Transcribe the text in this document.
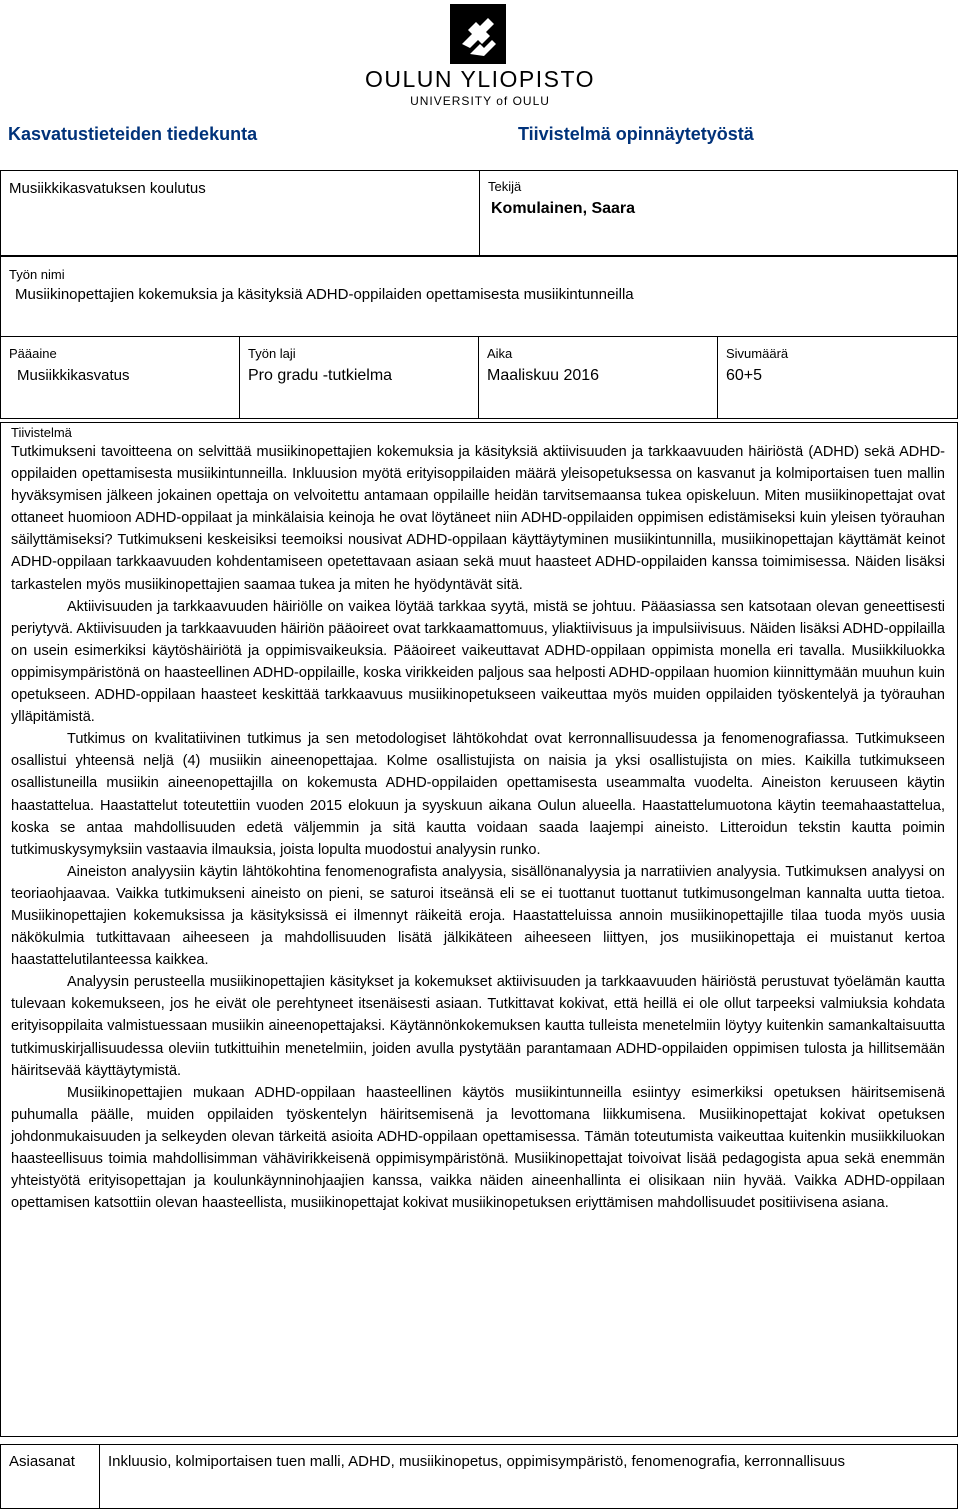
OULUN YLIOPISTO
UNIVERSITY of OULU
Kasvatustieteiden tiedekunta	Tiivistelmä opinnäytetyöstä
Musiikkikasvatuksen koulutus	Tekijä
Komulainen, Saara
Työn nimi
Musiikinopettajien kokemuksia ja käsityksiä ADHD-oppilaiden opettamisesta musiikintunneilla
Pääaine
Musiikkikasvatus

Työn laji
Pro gradu -tutkielma

Aika
Maaliskuu 2016

Sivumäärä
60+5
Tiivistelmä

Tutkimukseni tavoitteena on selvittää musiikinopettajien kokemuksia ja käsityksiä aktiivisuuden ja tarkkaavuuden häiriöstä (ADHD) sekä ADHD-oppilaiden opettamisesta musiikintunneilla. Inkluusion myötä erityisoppilaiden määrä yleisopetuksessa on kasvanut ja kolmiportaisen tuen mallin hyväksymisen jälkeen jokainen opettaja on velvoitettu antamaan oppilaille heidän tarvitsemaansa tukea opiskeluun. Miten musiikinopettajat ovat ottaneet huomioon ADHD-oppilaat ja minkälaisia keinoja he ovat löytäneet niin ADHD-oppilaiden oppimisen edistämiseksi kuin yleisen työrauhan säilyttämiseksi? Tutkimukseni keskeisiksi teemoiksi nousivat ADHD-oppilaan käyttäytyminen musiikintunnilla, musiikinopettajan käyttämät keinot ADHD-oppilaan tarkkaavuuden kohdentamiseen opetettavaan asiaan sekä muut haasteet ADHD-oppilaiden kanssa toimimisessa. Näiden lisäksi tarkastelen myös musiikinopettajien saamaa tukea ja miten he hyödyntävät sitä.

Aktiivisuuden ja tarkkaavuuden häiriölle on vaikea löytää tarkkaa syytä, mistä se johtuu. Pääasiassa sen katsotaan olevan geneettisesti periytyvä. Aktiivisuuden ja tarkkaavuuden häiriön pääoireet ovat tarkkaamattomuus, yliaktiivisuus ja impulsiivisuus. Näiden lisäksi ADHD-oppilailla on usein esimerkiksi käytöshäiriötä ja oppimisvaikeuksia. Pääoireet vaikeuttavat ADHD-oppilaan oppimista monella eri tavalla. Musiikkiluokka oppimisympäristönä on haasteellinen ADHD-oppilaille, koska virikkeiden paljous saa helposti ADHD-oppilaan huomion kiinnittymään muuhun kuin opetukseen. ADHD-oppilaan haasteet keskittää tarkkaavuus musiikinopetukseen vaikeuttaa myös muiden oppilaiden työskentelyä ja työrauhan ylläpitämistä.

Tutkimus on kvalitatiivinen tutkimus ja sen metodologiset lähtökohdat ovat kerronnallisuudessa ja fenomenografiassa. Tutkimukseen osallistui yhteensä neljä (4) musiikin aineenopettajaa. Kolme osallistujista on naisia ja yksi osallistujista on mies. Kaikilla tutkimukseen osallistuneilla musiikin aineenopettajilla on kokemusta ADHD-oppilaiden opettamisesta useammalta vuodelta. Aineiston keruuseen käytin haastattelua. Haastattelut toteutettiin vuoden 2015 elokuun ja syyskuun aikana Oulun alueella. Haastattelumuotona käytin teemahaastattelua, koska se antaa mahdollisuuden edetä väljemmin ja sitä kautta voidaan saada laajempi aineisto. Litteroidun tekstin kautta poimin tutkimuskysymyksiin vastaavia ilmauksia, joista lopulta muodostui analyysin runko.

Aineiston analyysiin käytin lähtökohtina fenomenografista analyysia, sisällönanalyysia ja narratiivien analyysia. Tutkimuksen analyysi on teoriaohjaavaa. Vaikka tutkimukseni aineisto on pieni, se saturoi itseänsä eli se ei tuottanut tuottanut tutkimusongelman kannalta uutta tietoa. Musiikinopettajien kokemuksissa ja käsityksissä ei ilmennyt räikeitä eroja. Haastatteluissa annoin musiikinopettajille tilaa tuoda myös uusia näkökulmia tutkittavaan aiheeseen ja mahdollisuuden lisätä jälkikäteen aiheeseen liittyen, jos musiikinopettaja ei muistanut kertoa haastattelutilanteessa kaikkea.

Analyysin perusteella musiikinopettajien käsitykset ja kokemukset aktiivisuuden ja tarkkaavuuden häiriöstä perustuvat työelämän kautta tulevaan kokemukseen, jos he eivät ole perehtyneet itsenäisesti asiaan. Tutkittavat kokivat, että heillä ei ole ollut tarpeeksi valmiuksia kohdata erityisoppilaita valmistuessaan musiikin aineenopettajaksi. Käytännönkokemuksen kautta tulleista menetelmiin löytyy kuitenkin samankaltaisuutta tutkimuskirjallisuudessa oleviin tutkittuihin menetelmiin, joiden avulla pystytään parantamaan ADHD-oppilaiden oppimisen tulosta ja hillitsemään häiritsevää käyttäytymistä.

Musiikinopettajien mukaan ADHD-oppilaan haasteellinen käytös musiikintunneilla esiintyy esimerkiksi opetuksen häiritsemisenä puhumalla päälle, muiden oppilaiden työskentelyn häiritsemisenä ja levottomana liikkumisena. Musiikinopettajat kokivat opetuksen johdonmukaisuuden ja selkeyden olevan tärkeitä asioita ADHD-oppilaan opettamisessa. Tämän toteutumista vaikeuttaa kuitenkin musiikkiluokan haasteellisuus toimia mahdollisimman vähävirikkeisenä oppimisympäristönä. Musiikinopettajat toivoivat lisää pedagogista apua sekä enemmän yhteistyötä erityisopettajan ja koulunkäynninohjaajien kanssa, vaikka näiden aineenhallinta ei olisikaan niin hyvää. Vaikka ADHD-oppilaan opettamisen katsottiin olevan haasteellista, musiikinopettajat kokivat musiikinopetuksen eriyttämisen mahdollisuudet positiivisena asiana.

Asiasanat	Inkluusio, kolmiportaisen tuen malli, ADHD, musiikinopetus, oppimisympäristö, fenomenografia, kerronnallisuus
